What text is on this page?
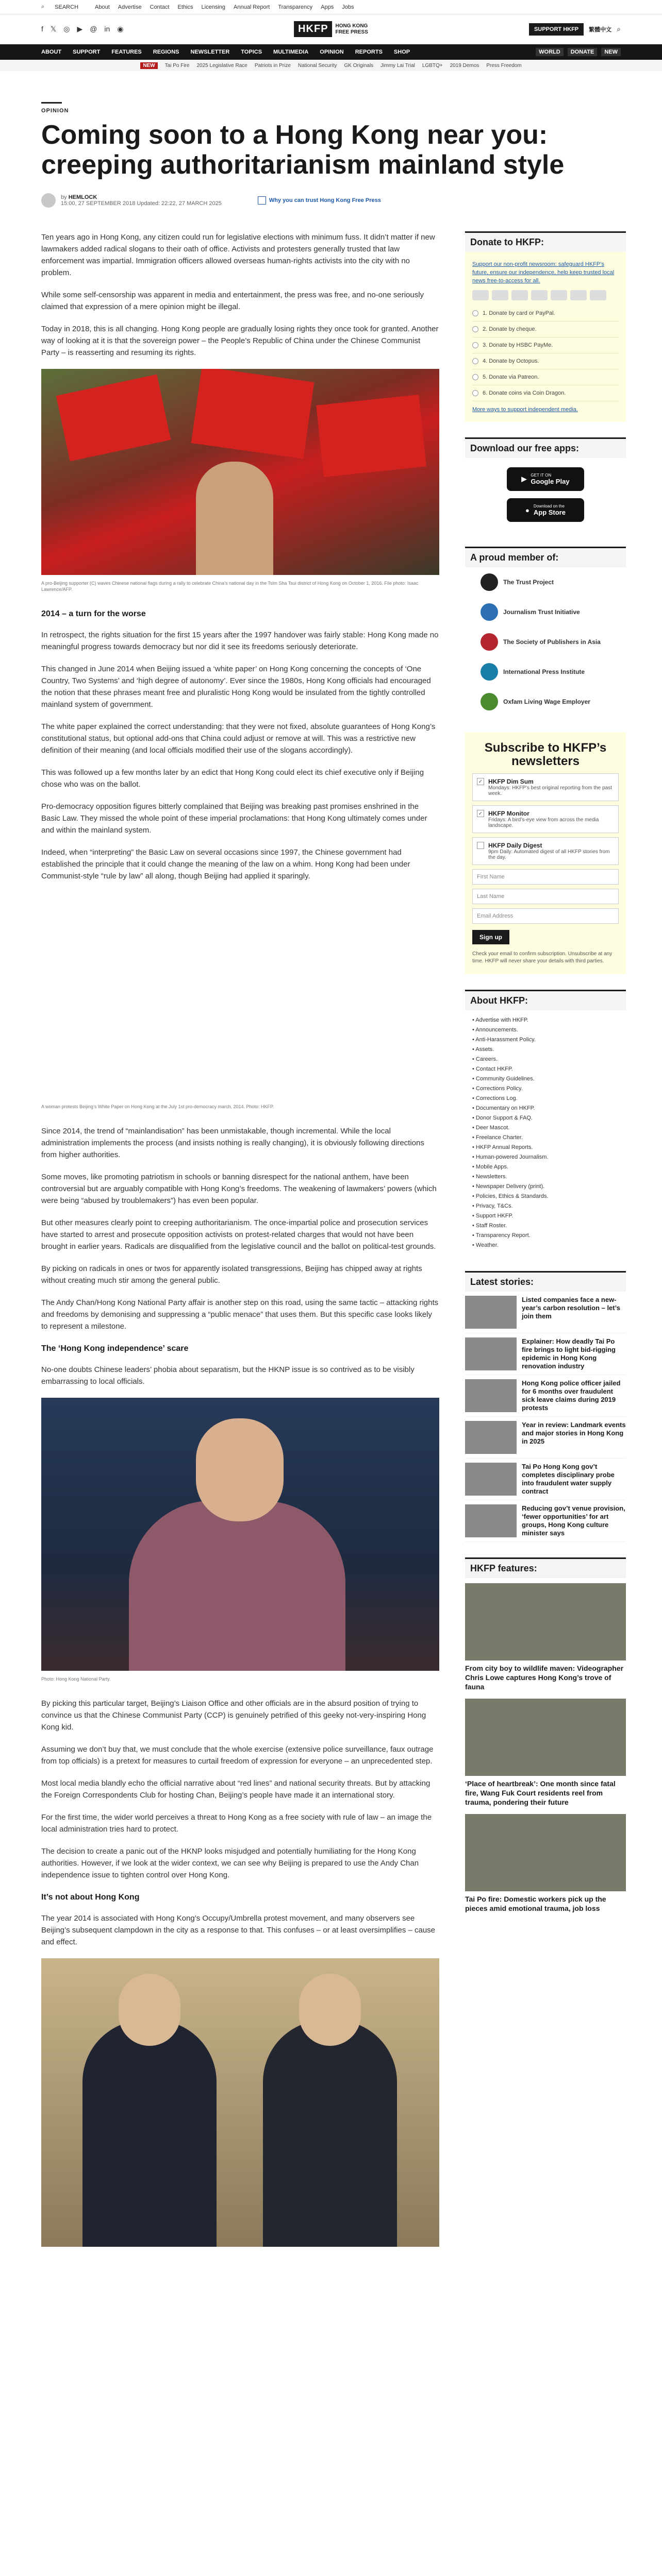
⌕ SEARCH	About Advertise Contact Ethics Licensing Annual Report Transparency Apps Jobs
f 𝕏 ◎ ▶ @ in ◉	HKFP	HONG KONG
FREE PRESS	SUPPORT HKFP	繁體中文 ⌕
ABOUT SUPPORT FEATURES REGIONS NEWSLETTER TOPICS MULTIMEDIA OPINION REPORTS SHOP	WORLD	DONATE	NEW
NEW	Tai Po Fire 2025 Legislative Race Patriots in Prize National Security GK Originals Jimmy Lai Trial LGBTQ+ 2019 Demos Press Freedom
OPINION
Coming soon to a Hong Kong near you: creeping authoritarianism mainland style
by HEMLOCK
15:00, 27 SEPTEMBER 2018 Updated: 22:22, 27 MARCH 2025	Why you can trust Hong Kong Free Press

Ten years ago in Hong Kong, any citizen could run for legislative elections with minimum fuss. It didn’t matter if new lawmakers added radical slogans to their oath of office. Activists and protesters generally trusted that law enforcement was impartial. Immigration officers allowed overseas human-rights activists into the city with no problem.

While some self-censorship was apparent in media and entertainment, the press was free, and no-one seriously claimed that expression of a mere opinion might be illegal.

Today in 2018, this is all changing. Hong Kong people are gradually losing rights they once took for granted. Another way of looking at it is that the sovereign power – the People’s Republic of China under the Chinese Communist Party – is reasserting and resuming its rights.

A pro-Beijing supporter (C) waves Chinese national flags during a rally to celebrate China’s national day in the Tsim Sha Tsui district of Hong Kong on October 1, 2016. File photo: Isaac Lawrence/AFP.
2014 – a turn for the worse

In retrospect, the rights situation for the first 15 years after the 1997 handover was fairly stable: Hong Kong made no meaningful progress towards democracy but nor did it see its freedoms seriously deteriorate.

This changed in June 2014 when Beijing issued a ‘white paper’ on Hong Kong concerning the concepts of ‘One Country, Two Systems’ and ‘high degree of autonomy’. Ever since the 1980s, Hong Kong officials had encouraged the notion that these phrases meant free and pluralistic Hong Kong would be insulated from the tightly controlled mainland system of government.

The white paper explained the correct understanding: that they were not fixed, absolute guarantees of Hong Kong’s constitutional status, but optional add-ons that China could adjust or remove at will. This was a restrictive new definition of their meaning (and local officials modified their use of the slogans accordingly).

This was followed up a few months later by an edict that Hong Kong could elect its chief executive only if Beijing chose who was on the ballot.

Pro-democracy opposition figures bitterly complained that Beijing was breaking past promises enshrined in the Basic Law. They missed the whole point of these imperial proclamations: that Hong Kong ultimately comes under and within the mainland system.

Indeed, when “interpreting” the Basic Law on several occasions since 1997, the Chinese government had established the principle that it could change the meaning of the law on a whim. Hong Kong had been under Communist-style “rule by law” all along, though Beijing had applied it sparingly.

A woman protests Beijing’s White Paper on Hong Kong at the July 1st pro-democracy march, 2014. Photo: HKFP.

Since 2014, the trend of “mainlandisation” has been unmistakable, though incremental. While the local administration implements the process (and insists nothing is really changing), it is obviously following directions from higher authorities.

Some moves, like promoting patriotism in schools or banning disrespect for the national anthem, have been controversial but are arguably compatible with Hong Kong’s freedoms. The weakening of lawmakers’ powers (which were being “abused by troublemakers”) has even been popular.

But other measures clearly point to creeping authoritarianism. The once-impartial police and prosecution services have started to arrest and prosecute opposition activists on protest-related charges that would not have been brought in earlier years. Radicals are disqualified from the legislative council and the ballot on political-test grounds.

By picking on radicals in ones or twos for apparently isolated transgressions, Beijing has chipped away at rights without creating much stir among the general public.

The Andy Chan/Hong Kong National Party affair is another step on this road, using the same tactic – attacking rights and freedoms by demonising and suppressing a “public menace” that uses them. But this specific case looks likely to represent a milestone.

The ‘Hong Kong independence’ scare

No-one doubts Chinese leaders’ phobia about separatism, but the HKNP issue is so contrived as to be visibly embarrassing to local officials.

Photo: Hong Kong National Party.

By picking this particular target, Beijing’s Liaison Office and other officials are in the absurd position of trying to convince us that the Chinese Communist Party (CCP) is genuinely petrified of this geeky not-very-inspiring Hong Kong kid.

Assuming we don’t buy that, we must conclude that the whole exercise (extensive police surveillance, faux outrage from top officials) is a pretext for measures to curtail freedom of expression for everyone – an unprecedented step.

Most local media blandly echo the official narrative about “red lines” and national security threats. But by attacking the Foreign Correspondents Club for hosting Chan, Beijing’s people have made it an international story.

For the first time, the wider world perceives a threat to Hong Kong as a free society with rule of law – an image the local administration tries hard to protect.

The decision to create a panic out of the HKNP looks misjudged and potentially humiliating for the Hong Kong authorities. However, if we look at the wider context, we can see why Beijing is prepared to use the Andy Chan independence issue to tighten control over Hong Kong.

It’s not about Hong Kong

The year 2014 is associated with Hong Kong’s Occupy/Umbrella protest movement, and many observers see Beijing’s subsequent clampdown in the city as a response to that. This confuses – or at least oversimplifies – cause and effect.

Donate to HKFP:
Support our non-profit newsroom: safeguard HKFP’s future, ensure our independence, help keep trusted local news free-to-access for all.
1. Donate by card or PayPal.
2. Donate by cheque.
3. Donate by HSBC PayMe.
4. Donate by Octopus.
5. Donate via Patreon.
6. Donate coins via Coin Dragon.
More ways to support independent media.
Download our free apps:
▶ GET IT ON
Google Play
● Download on the
App Store
A proud member of:
The Trust Project
Journalism Trust Initiative
The Society of Publishers in Asia
International Press Institute
Oxfam Living Wage Employer
Subscribe to HKFP’s newsletters
✓ HKFP Dim Sum
Mondays: HKFP’s best original reporting from the past week.
✓ HKFP Monitor
Fridays: A bird’s-eye view from across the media landscape.
HKFP Daily Digest
9pm Daily: Automated digest of all HKFP stories from the day.
First Name
Last Name
Email Address
Sign up
Check your email to confirm subscription. Unsubscribe at any time. HKFP will never share your details with third parties.
About HKFP:
• Advertise with HKFP.
• Announcements.
• Anti-Harassment Policy.
• Assets.
• Careers.
• Contact HKFP.
• Community Guidelines.
• Corrections Policy.
• Corrections Log.
• Documentary on HKFP.
• Donor Support & FAQ.
• Deer Mascot.
• Freelance Charter.
• HKFP Annual Reports.
• Human-powered Journalism.
• Mobile Apps.
• Newsletters.
• Newspaper Delivery (print).
• Policies, Ethics & Standards.
• Privacy, T&Cs.
• Support HKFP.
• Staff Roster.
• Transparency Report.
• Weather.
Latest stories:
Listed companies face a new-year’s carbon resolution – let’s join them
Explainer: How deadly Tai Po fire brings to light bid-rigging epidemic in Hong Kong renovation industry
Hong Kong police officer jailed for 6 months over fraudulent sick leave claims during 2019 protests
Year in review: Landmark events and major stories in Hong Kong in 2025
Tai Po Hong Kong gov’t completes disciplinary probe into fraudulent water supply contract
Reducing gov’t venue provision, ‘fewer opportunities’ for art groups, Hong Kong culture minister says
HKFP features:
From city boy to wildlife maven: Videographer Chris Lowe captures Hong Kong’s trove of fauna
‘Place of heartbreak’: One month since fatal fire, Wang Fuk Court residents reel from trauma, pondering their future
Tai Po fire: Domestic workers pick up the pieces amid emotional trauma, job loss
